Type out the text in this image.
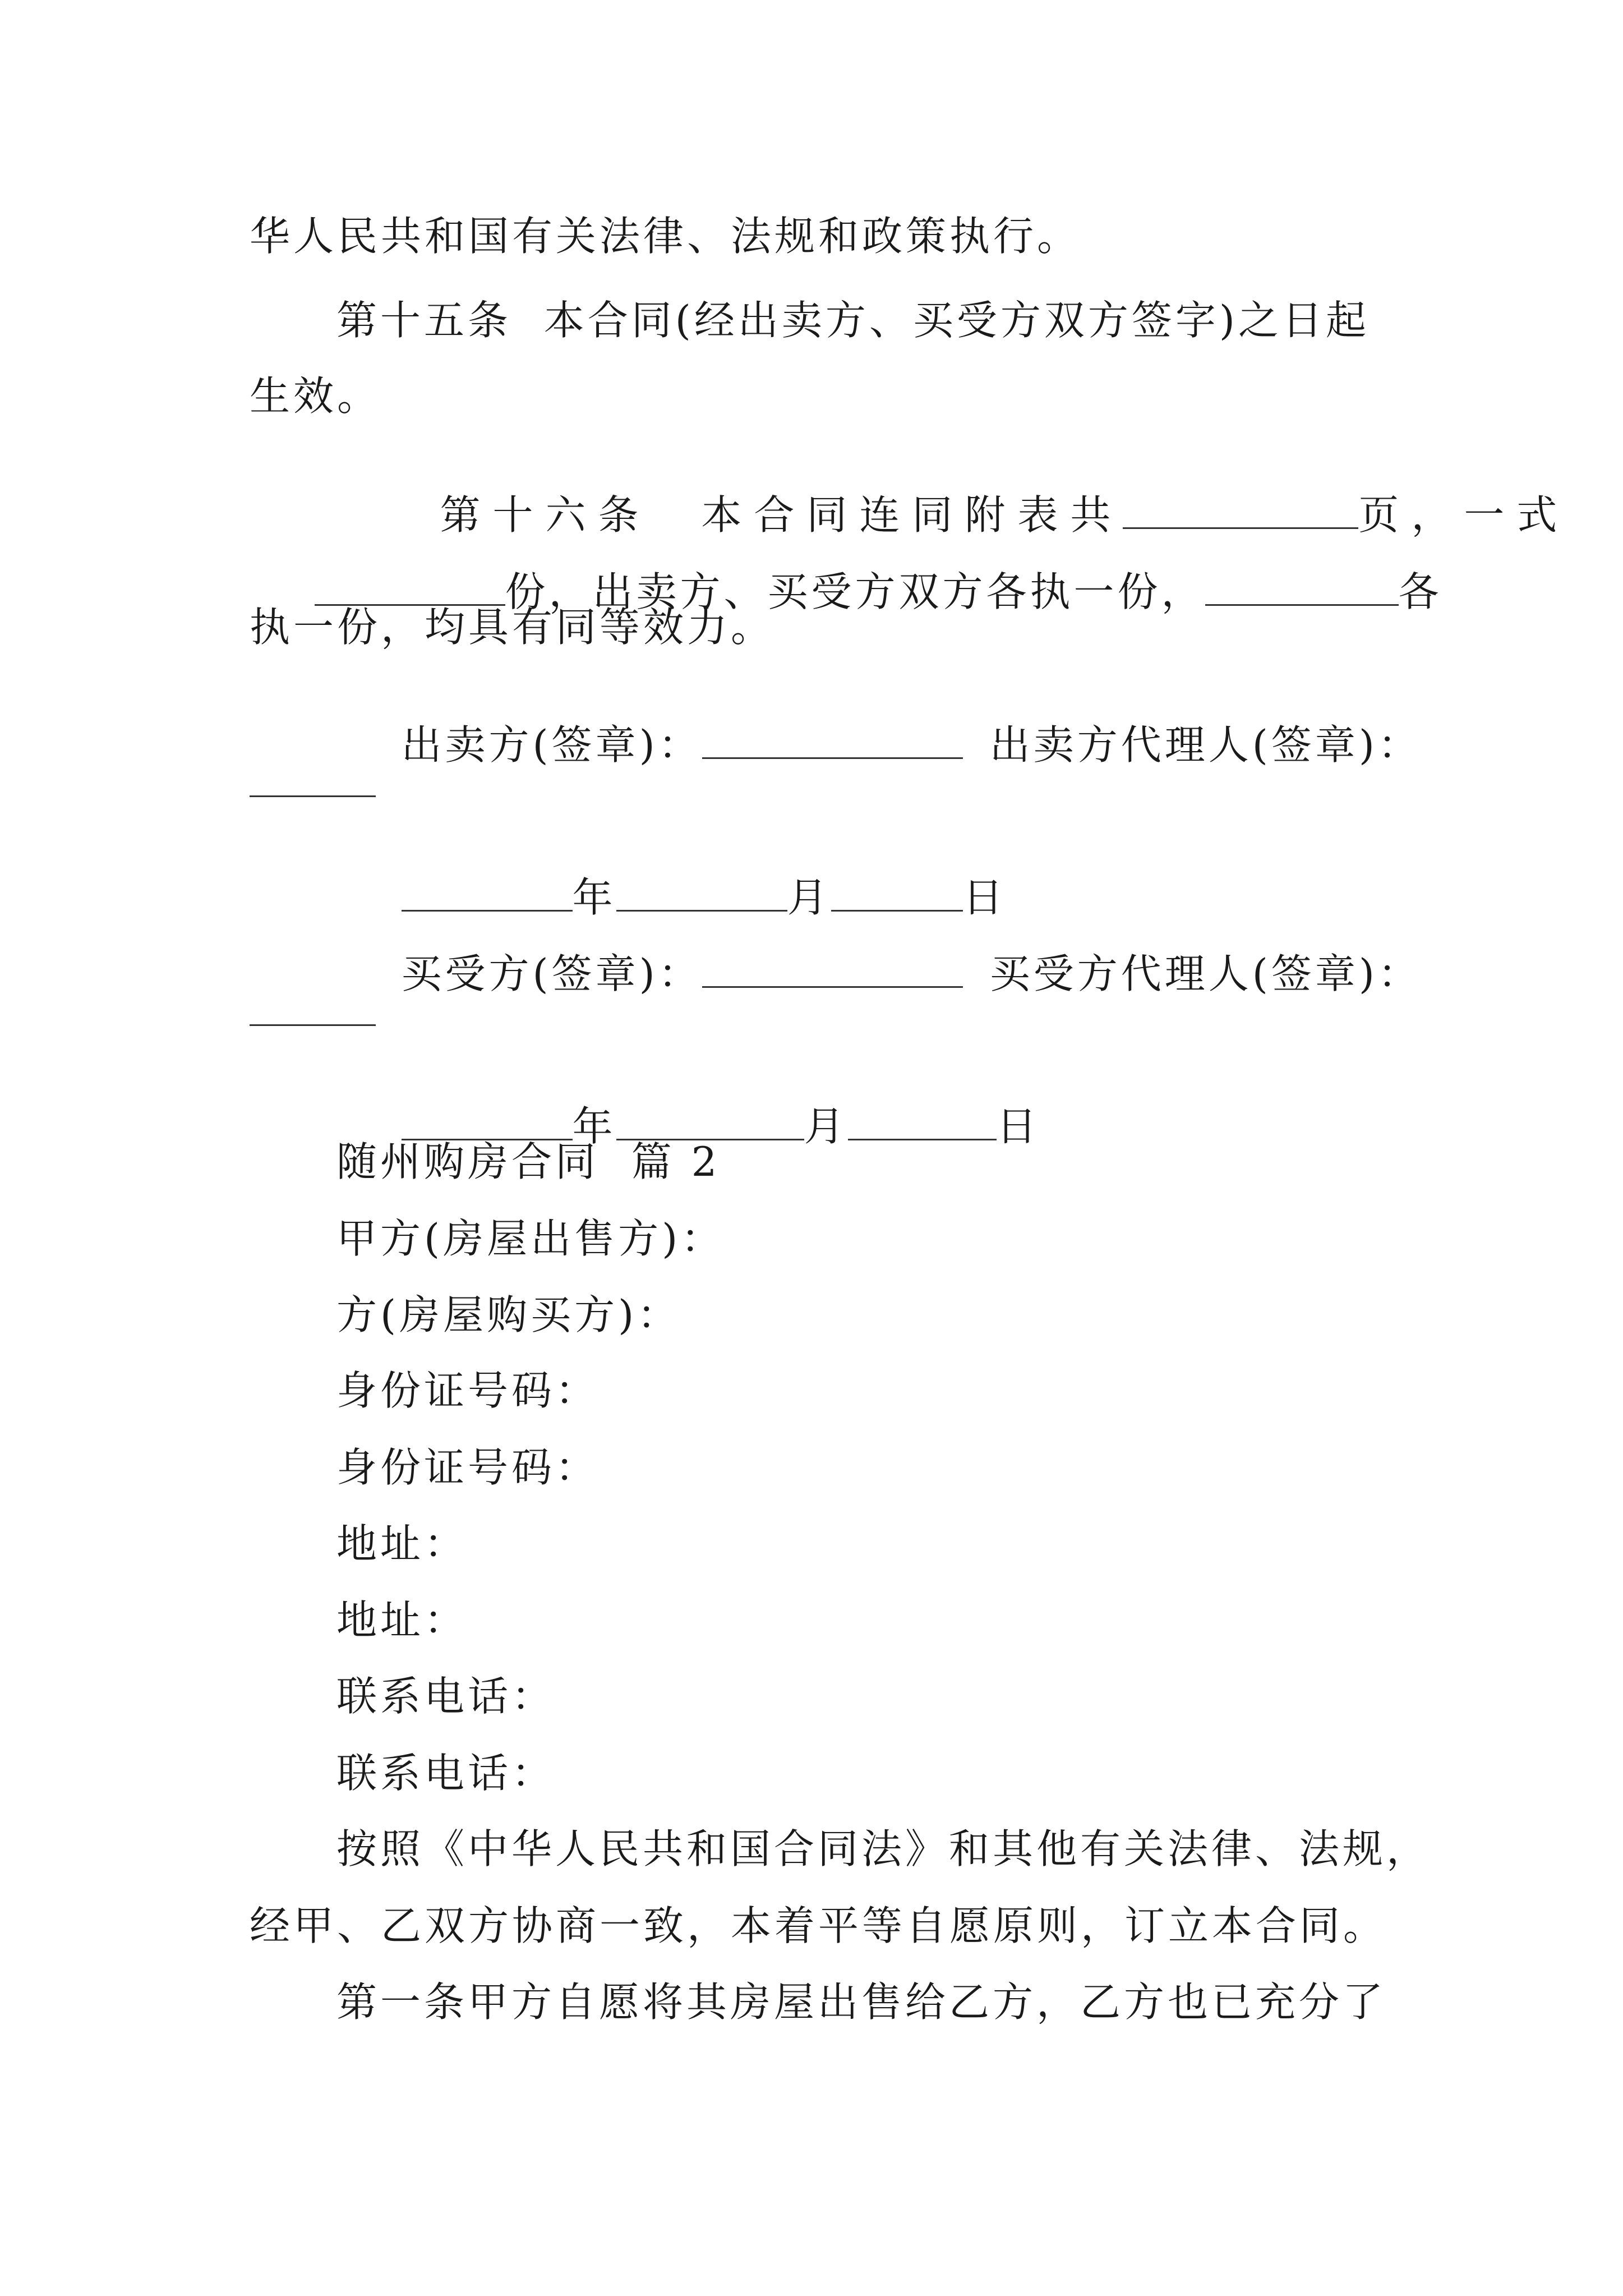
华人民共和国有关法律、法规和政策执行。
第十五条  本合同(经出卖方、买受方双方签字)之日起
生效。

第十六条  本合同连同附表共	页，一式

份，出卖方、买受方双方各执一份，	各

执一份，均具有同等效力。

出卖方(签章)：	出卖方代理人(签章)：

年	月	日

买受方(签章)：	买受方代理人(签章)：

年	月	日

随州购房合同  篇 2
甲方(房屋出售方)：
方(房屋购买方)：
身份证号码：
身份证号码：
地址：
地址：
联系电话：
联系电话：
按照《中华人民共和国合同法》和其他有关法律、法规，
经甲、乙双方协商一致，本着平等自愿原则，订立本合同。
第一条甲方自愿将其房屋出售给乙方，乙方也已充分了
